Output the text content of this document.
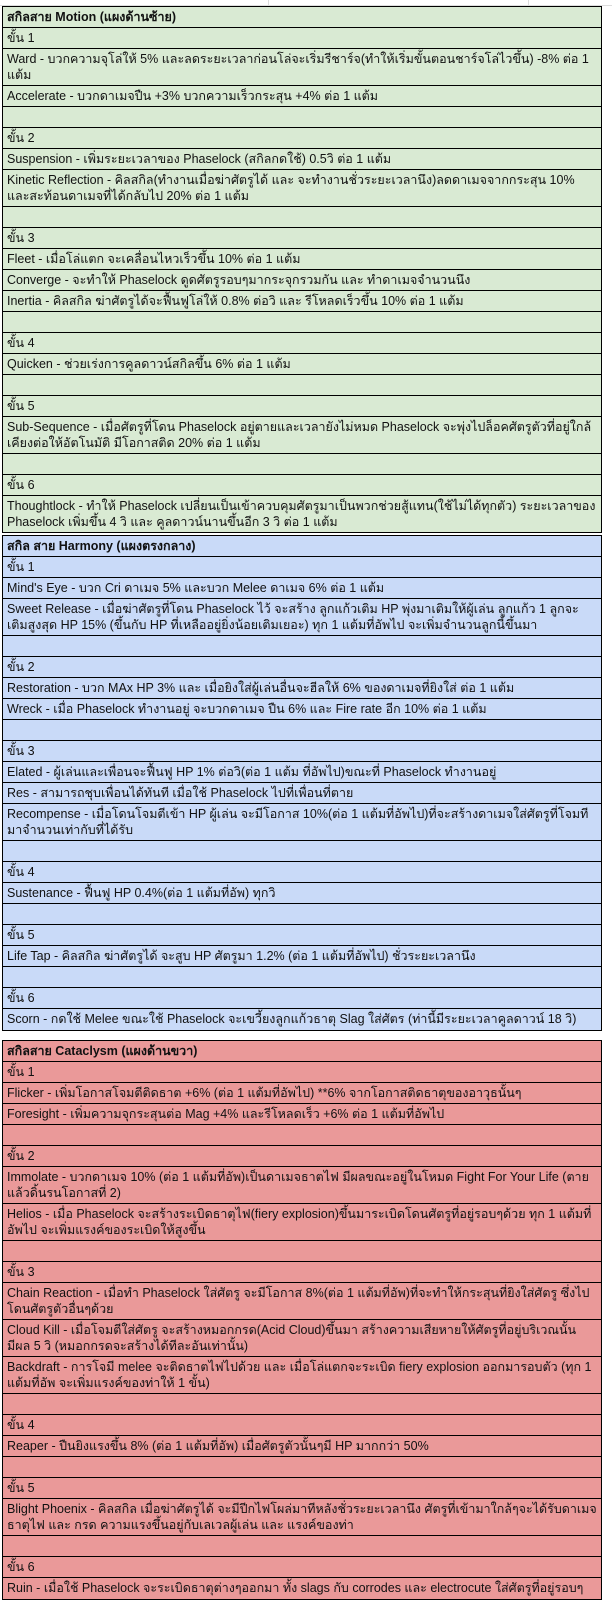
สกิลสาย Motion (แผงด้านซ้าย)
ขั้น 1
Ward - บวกความจุโล่ให้ 5% และลดระยะเวลาก่อนโล่จะเริ่มรีชาร์จ(ทำให้เริ่มขั้นตอนชาร์จโล่ไวขึ้น) -8% ต่อ 1 แต้ม
Accelerate - บวกดาเมจปืน +3% บวกความเร็วกระสุน +4% ต่อ 1 แต้ม
ขั้น 2
Suspension - เพิ่มระยะเวลาของ Phaselock (สกิลกดใช้) 0.5วิ ต่อ 1 แต้ม
Kinetic Reflection - คิลสกิล(ทำงานเมื่อฆ่าศัตรูได้ และ จะทำงานชั่วระยะเวลานึง)ลดดาเมจจากกระสุน 10% และสะท้อนดาเมจที่ได้กลับไป 20% ต่อ 1 แต้ม
ขั้น 3
Fleet - เมื่อโล่แตก จะเคลื่อนไหวเร็วขึ้น 10% ต่อ 1 แต้ม
Converge - จะทำให้ Phaselock ดูดศัตรูรอบๆมากระจุกรวมกัน และ ทำดาเมจจำนวนนึง
Inertia - คิลสกิล ฆ่าศัตรูได้จะฟื้นฟูโล่ให้ 0.8% ต่อวิ และ รีโหลดเร็วขึ้น 10% ต่อ 1 แต้ม
ขั้น 4
Quicken - ช่วยเร่งการคูลดาวน์สกิลขึ้น 6% ต่อ 1 แต้ม
ขั้น 5
Sub-Sequence - เมื่อศัตรูที่โดน Phaselock อยู่ตายและเวลายังไม่หมด Phaselock จะพุ่งไปล็อคศัตรูตัวที่อยู่ใกล้เคียงต่อให้อัตโนมัติ มีโอกาสติด 20% ต่อ 1 แต้ม
ขั้น 6
Thoughtlock - ทำให้ Phaselock เปลี่ยนเป็นเข้าควบคุมศัตรูมาเป็นพวกช่วยสู้แทน(ใช้ไม่ได้ทุกตัว) ระยะเวลาของ Phaselock เพิ่มขึ้น 4 วิ และ คูลดาวน์นานขึ้นอีก 3 วิ ต่อ 1 แต้ม
สกิล สาย Harmony (แผงตรงกลาง)
ขั้น 1
Mind's Eye - บวก Cri ดาเมจ 5% และบวก Melee ดาเมจ 6% ต่อ 1 แต้ม
Sweet Release - เมื่อฆ่าศัตรูที่โดน Phaselock ไว้ จะสร้าง ลูกแก้วเติม HP พุ่งมาเติมให้ผู้เล่น ลูกแก้ว 1 ลูกจะเติมสูงสุด HP 15% (ขึ้นกับ HP ที่เหลืออยู่ยิ่งน้อยเติมเยอะ) ทุก 1 แต้มที่อัพไป จะเพิ่มจำนวนลูกนี้ขึ้นมา
ขั้น 2
Restoration - บวก MAx HP 3% และ เมื่อยิงใส่ผู้เล่นอื่นจะฮีลให้ 6% ของดาเมจที่ยิงใส่ ต่อ 1 แต้ม
Wreck - เมื่อ Phaselock ทำงานอยู่ จะบวกดาเมจ ปืน 6% และ Fire rate อีก 10% ต่อ 1 แต้ม
ขั้น 3
Elated - ผู้เล่นและเพื่อนจะฟื้นฟู HP 1% ต่อวิ(ต่อ 1 แต้ม ที่อัพไป)ขณะที่ Phaselock ทำงานอยู่
Res - สามารถชุบเพื่อนได้ทันที เมื่อใช้ Phaselock ไปที่เพื่อนที่ตาย
Recompense - เมื่อโดนโจมตีเข้า HP ผู้เล่น จะมีโอกาส 10%(ต่อ 1 แต้มที่อัพไป)ที่จะสร้างดาเมจใส่ศัตรูที่โจมทีมาจำนวนเท่ากับที่ได้รับ
ขั้น 4
Sustenance - ฟื้นฟู HP 0.4%(ต่อ 1 แต้มที่อัพ) ทุกวิ
ขั้น 5
Life Tap - คิลสกิล ฆ่าศัตรูได้ จะสูบ HP ศัตรูมา 1.2% (ต่อ 1 แต้มที่อัพไป) ชั่วระยะเวลานึง
ขั้น 6
Scorn - กดใช้ Melee ขณะใช้ Phaselock จะเขวี้ยงลูกแก้วธาตุ Slag ใส่ศัตร (ท่านี้มีระยะเวลาคูลดาวน์ 18 วิ)
สกิลสาย Cataclysm (แผงด้านขวา)
ขั้น 1
Flicker - เพิ่มโอกาสโจมตีติดธาต +6% (ต่อ 1 แต้มที่อัพไป) **6% จากโอกาสติดธาตุของอาวุธนั้นๆ
Foresight - เพิ่มความจุกระสุนต่อ Mag +4% และรีโหลดเร็ว +6% ต่อ 1 แต้มที่อัพไป
ขั้น 2
Immolate - บวกดาเมจ 10% (ต่อ 1 แต้มที่อัพ)เป็นดาเมจธาตไฟ มีผลขณะอยู่ในโหมด Fight For Your Life (ตายแล้วดิ้นรนโอกาสที่ 2)
Helios - เมื่อ Phaselock จะสร้างระเบิดธาตุไฟ(fiery explosion)ขึ้นมาระเบิดโดนศัตรูที่อยู่รอบๆด้วย ทุก 1 แต้มที่อัพไป จะเพิ่มแรงค์ของระเบิดให้สูงขึ้น
ขั้น 3
Chain Reaction - เมื่อทำ Phaselock ใส่ศัตรู จะมีโอกาส 8%(ต่อ 1 แต้มที่อัพ)ที่จะทำให้กระสุนที่ยิงใส่ศัตรู ซึ่งไปโดนศัตรูตัวอื่นๆด้วย
Cloud Kill - เมื่อโจมตีใส่ศัตรู จะสร้างหมอกกรด(Acid Cloud)ขึ้นมา สร้างความเสียหายให้ศัตรูที่อยู่บริเวณนั้น มีผล 5 วิ (หมอกกรดจะสร้างได้ทีละอันเท่านั้น)
Backdraft - การโจมี melee จะติดธาตไฟไปด้วย และ เมื่อโล่แตกจะระเบิด fiery explosion ออกมารอบตัว (ทุก 1 แต้มที่อัพ จะเพิ่มแรงค์ของท่าให้ 1 ขั้น)
ขั้น 4
Reaper - ปืนยิงแรงขึ้น 8% (ต่อ 1 แต้มที่อัพ) เมื่อศัตรูตัวนั้นๆมี HP มากกว่า 50%
ขั้น 5
Blight Phoenix - คิลสกิล เมื่อฆ่าศัตรูได้ จะมีปีกไฟโผล่มาทีหลังชั่วระยะเวลานึง ศัตรูที่เข้ามาใกล้ๆจะได้รับดาเมจธาตุไฟ และ กรด ความแรงขึ้นอยู่กับเลเวลผู้เล่น และ แรงค์ของท่า
ขั้น 6
Ruin - เมื่อใช้ Phaselock จะระเบิดธาตุต่างๆออกมา ทั้ง slags กับ corrodes และ electrocute ใส่ศัตรูที่อยู่รอบๆ
